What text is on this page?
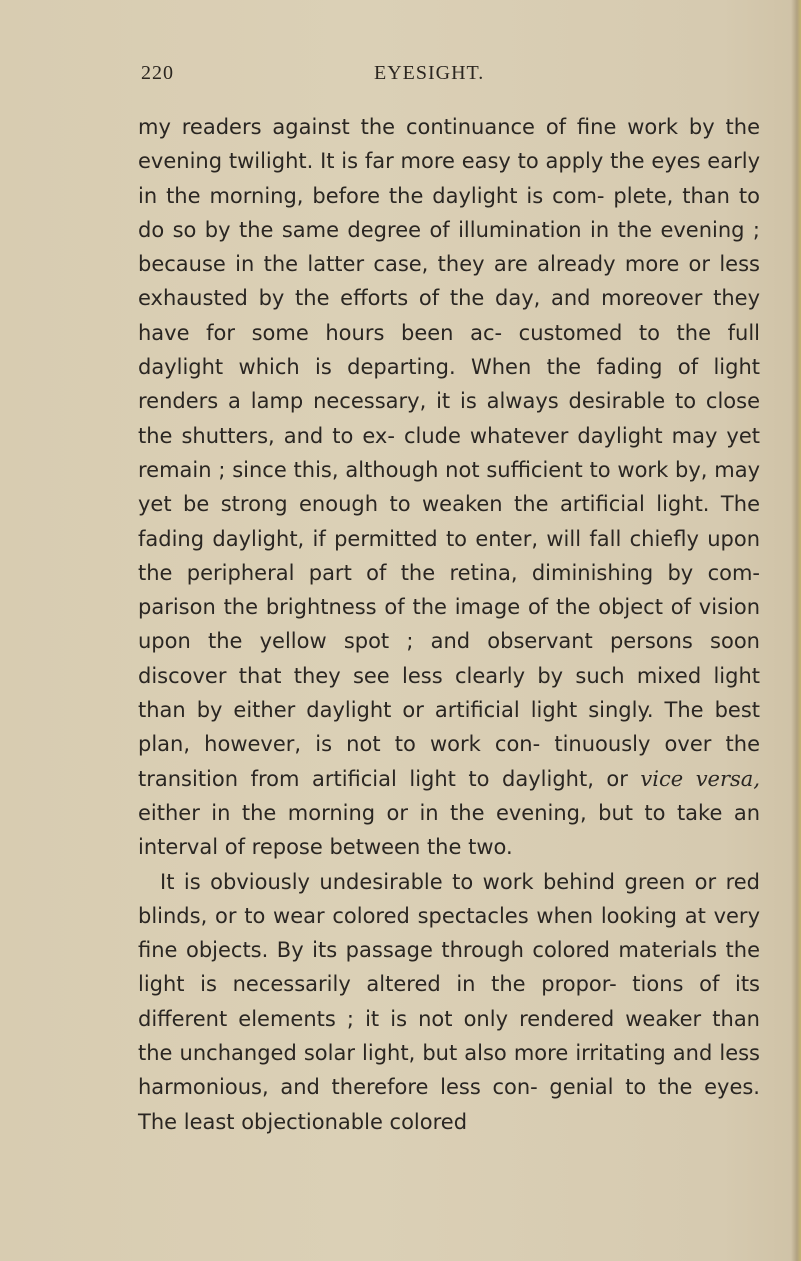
220	EYESIGHT.

my readers against the continuance of fine work by the evening twilight. It is far more easy to apply the eyes early in the morning, before the daylight is com- plete, than to do so by the same degree of illumination in the evening ; because in the latter case, they are already more or less exhausted by the efforts of the day, and moreover they have for some hours been ac- customed to the full daylight which is departing. When the fading of light renders a lamp necessary, it is always desirable to close the shutters, and to ex- clude whatever daylight may yet remain ; since this, although not sufficient to work by, may yet be strong enough to weaken the artificial light. The fading daylight, if permitted to enter, will fall chiefly upon the peripheral part of the retina, diminishing by com- parison the brightness of the image of the object of vision upon the yellow spot ; and observant persons soon discover that they see less clearly by such mixed light than by either daylight or artificial light singly. The best plan, however, is not to work con- tinuously over the transition from artificial light to daylight, or vice versa, either in the morning or in the evening, but to take an interval of repose between the two.

It is obviously undesirable to work behind green or red blinds, or to wear colored spectacles when looking at very fine objects. By its passage through colored materials the light is necessarily altered in the propor- tions of its different elements ; it is not only rendered weaker than the unchanged solar light, but also more irritating and less harmonious, and therefore less con- genial to the eyes. The least objectionable colored
